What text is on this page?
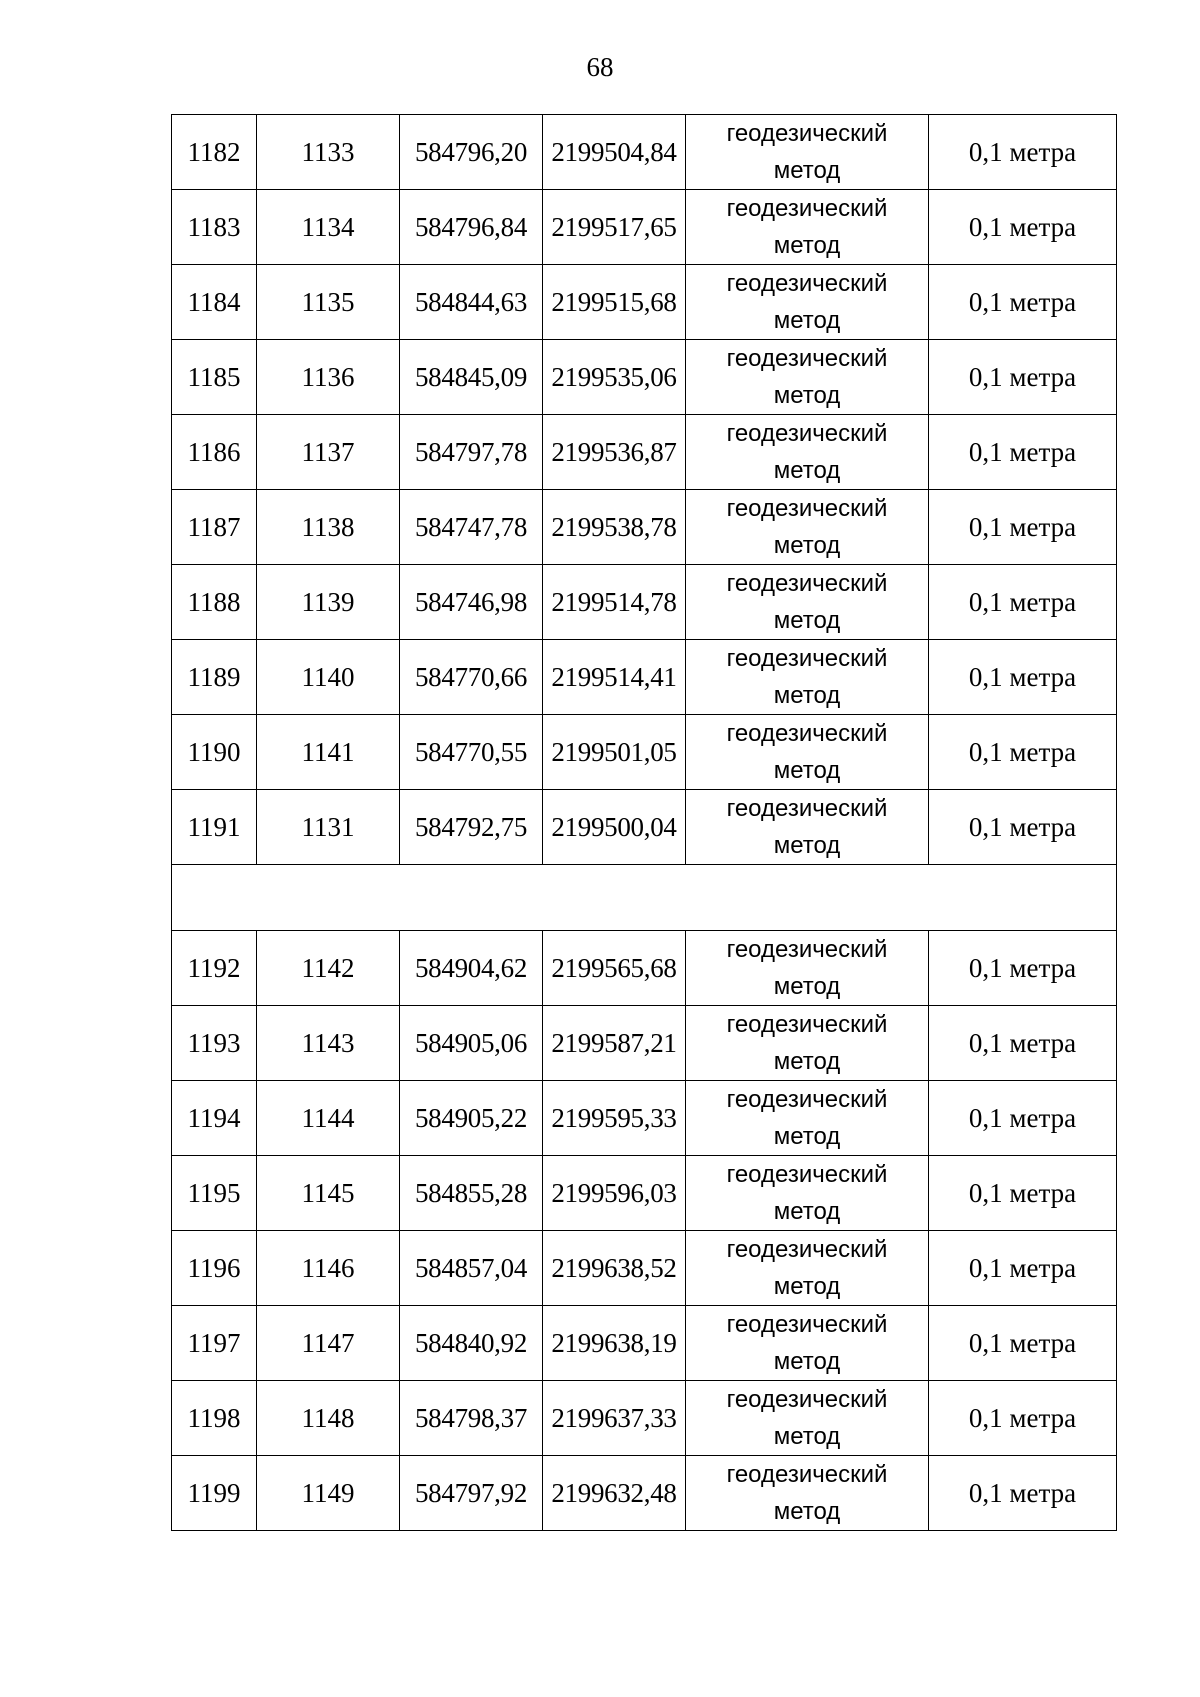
68
1182	1133	584796,20	2199504,84	геодезический
метод	0,1 метра
1183	1134	584796,84	2199517,65	геодезический
метод	0,1 метра
1184	1135	584844,63	2199515,68	геодезический
метод	0,1 метра
1185	1136	584845,09	2199535,06	геодезический
метод	0,1 метра
1186	1137	584797,78	2199536,87	геодезический
метод	0,1 метра
1187	1138	584747,78	2199538,78	геодезический
метод	0,1 метра
1188	1139	584746,98	2199514,78	геодезический
метод	0,1 метра
1189	1140	584770,66	2199514,41	геодезический
метод	0,1 метра
1190	1141	584770,55	2199501,05	геодезический
метод	0,1 метра
1191	1131	584792,75	2199500,04	геодезический
метод	0,1 метра

1192	1142	584904,62	2199565,68	геодезический
метод	0,1 метра
1193	1143	584905,06	2199587,21	геодезический
метод	0,1 метра
1194	1144	584905,22	2199595,33	геодезический
метод	0,1 метра
1195	1145	584855,28	2199596,03	геодезический
метод	0,1 метра
1196	1146	584857,04	2199638,52	геодезический
метод	0,1 метра
1197	1147	584840,92	2199638,19	геодезический
метод	0,1 метра
1198	1148	584798,37	2199637,33	геодезический
метод	0,1 метра
1199	1149	584797,92	2199632,48	геодезический
метод	0,1 метра
